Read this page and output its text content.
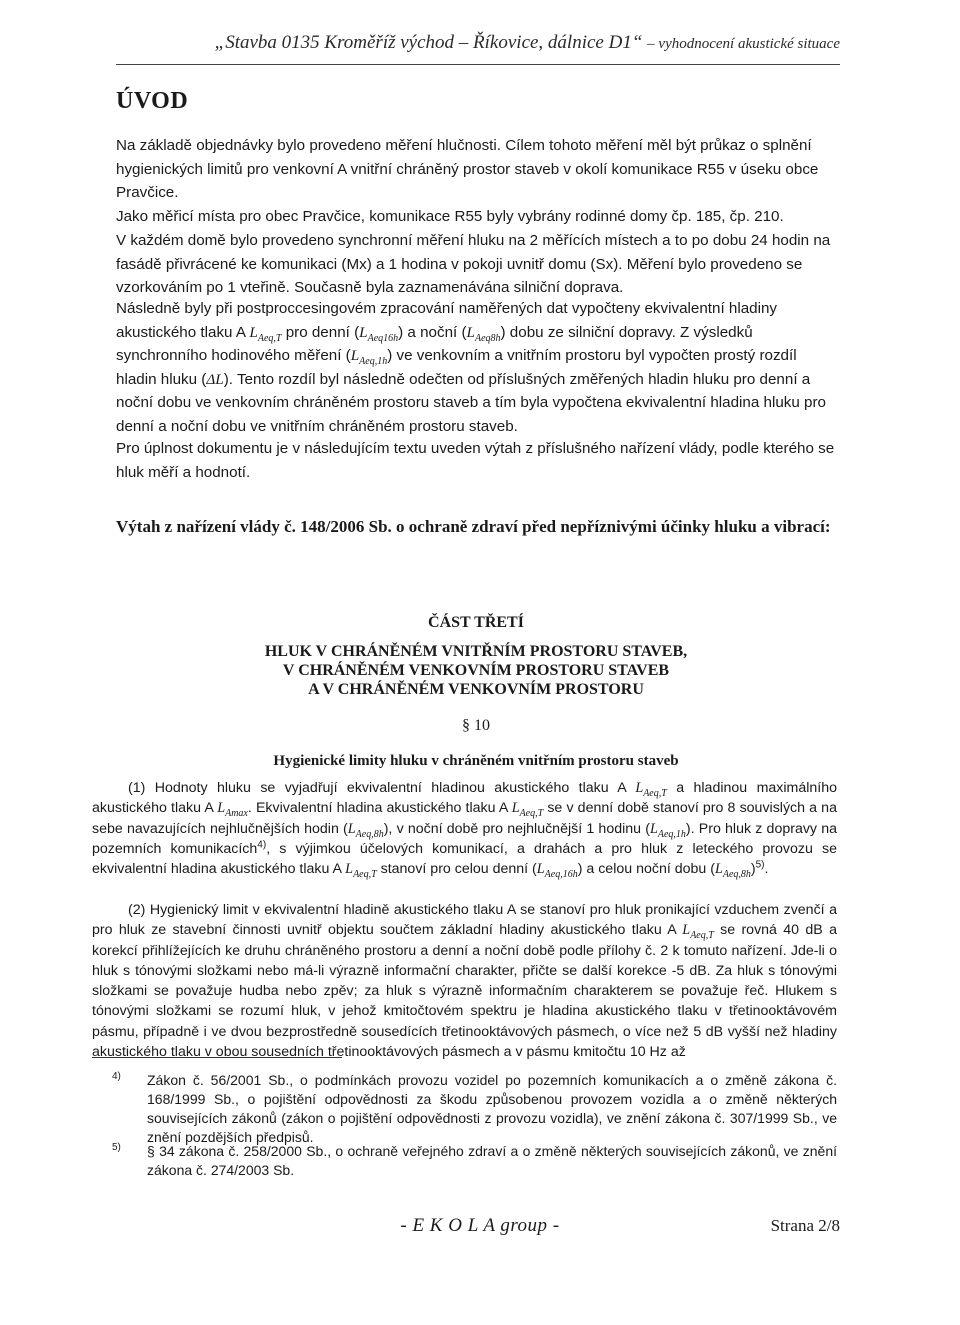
„Stavba 0135 Kroměříž východ – Říkovice, dálnice D1“ – vyhodnocení akustické situace
ÚVOD
Na základě objednávky bylo provedeno měření hlučnosti. Cílem tohoto měření měl být průkaz o splnění hygienických limitů pro venkovní A vnitřní chráněný prostor staveb v okolí komunikace R55 v úseku obce Pravčice.
Jako měřicí místa pro obec Pravčice, komunikace R55 byly vybrány rodinné domy čp. 185, čp. 210.
V každém domě bylo provedeno synchronní měření hluku na 2 měřících místech a to po dobu 24 hodin na fasádě přivrácené ke komunikaci (Mx) a 1 hodina v pokoji uvnitř domu (Sx). Měření bylo provedeno se vzorkováním po 1 vteřině. Současně byla zaznamenávána silniční doprava.
Následně byly při postproccesingovém zpracování naměřených dat vypočteny ekvivalentní hladiny akustického tlaku A $L_{Aeq,T}$ pro denní $(L_{Aeq16h})$ a noční $(L_{Aeq8h})$ dobu ze silniční dopravy. Z výsledků synchronního hodinového měření $(L_{Aeq,1h})$ ve venkovním a vnitřním prostoru byl vypočten prostý rozdíl hladin hluku (ΔL). Tento rozdíl byl následně odečten od příslušných změřených hladin hluku pro denní a noční dobu ve venkovním chráněném prostoru staveb a tím byla vypočtena ekvivalentní hladina hluku pro denní a noční dobu ve vnitřním chráněném prostoru staveb.
Pro úplnost dokumentu je v následujícím textu uveden výtah z příslušného nařízení vlády, podle kterého se hluk měří a hodnotí.
Výtah z nařízení vlády č. 148/2006 Sb. o ochraně zdraví před nepříznivými účinky hluku a vibrací:
ČÁST TŘETÍ
HLUK V CHRÁNĚNÉM VNITŘNÍM PROSTORU STAVEB,
V CHRÁNĚNÉM VENKOVNÍM PROSTORU STAVEB
A V CHRÁNĚNÉM VENKOVNÍM PROSTORU
§ 10
Hygienické limity hluku v chráněném vnitřním prostoru staveb
(1) Hodnoty hluku se vyjadřují ekvivalentní hladinou akustického tlaku A $L_{Aeq,T}$ a hladinou maximálního akustického tlaku A $L_{Amax}$. Ekvivalentní hladina akustického tlaku A $L_{Aeq,T}$ se v denní době stanoví pro 8 souvislých a na sebe navazujících nejhlučnějších hodin $(L_{Aeq,8h})$, v noční době pro nejhlučnější 1 hodinu $(L_{Aeq,1h})$. Pro hluk z dopravy na pozemních komunikacích$^{4)}$, s výjimkou účelových komunikací, a drahách a pro hluk z leteckého provozu se ekvivalentní hladina akustického tlaku A $L_{Aeq,T}$ stanoví pro celou denní $(L_{Aeq,16h})$ a celou noční dobu $(L_{Aeq,8h})^{5)}$.
(2) Hygienický limit v ekvivalentní hladině akustického tlaku A se stanoví pro hluk pronikající vzduchem zvenčí a pro hluk ze stavební činnosti uvnitř objektu součtem základní hladiny akustického tlaku A $L_{Aeq,T}$ se rovná 40 dB a korekcí přihlížejících ke druhu chráněného prostoru a denní a noční době podle přílohy č. 2 k tomuto nařízení. Jde-li o hluk s tónovými složkami nebo má-li výrazně informační charakter, přičte se další korekce -5 dB. Za hluk s tónovými složkami se považuje hudba nebo zpěv; za hluk s výrazně informačním charakterem se považuje řeč. Hlukem s tónovými složkami se rozumí hluk, v jehož kmitočtovém spektru je hladina akustického tlaku v třetinooktávovém pásmu, případně i ve dvou bezprostředně sousedících třetinooktávových pásmech, o více než 5 dB vyšší než hladiny akustického tlaku v obou sousedních třetinooktávových pásmech a v pásmu kmitočtu 10 Hz až
4) Zákon č. 56/2001 Sb., o podmínkách provozu vozidel po pozemních komunikacích a o změně zákona č. 168/1999 Sb., o pojištění odpovědnosti za škodu způsobenou provozem vozidla a o změně některých souvisejících zákonů (zákon o pojištění odpovědnosti z provozu vozidla), ve znění zákona č. 307/1999 Sb., ve znění pozdějších předpisů.
5) § 34 zákona č. 258/2000 Sb., o ochraně veřejného zdraví a o změně některých souvisejících zákonů, ve znění zákona č. 274/2003 Sb.
- E K O L A group -	Strana 2/8
